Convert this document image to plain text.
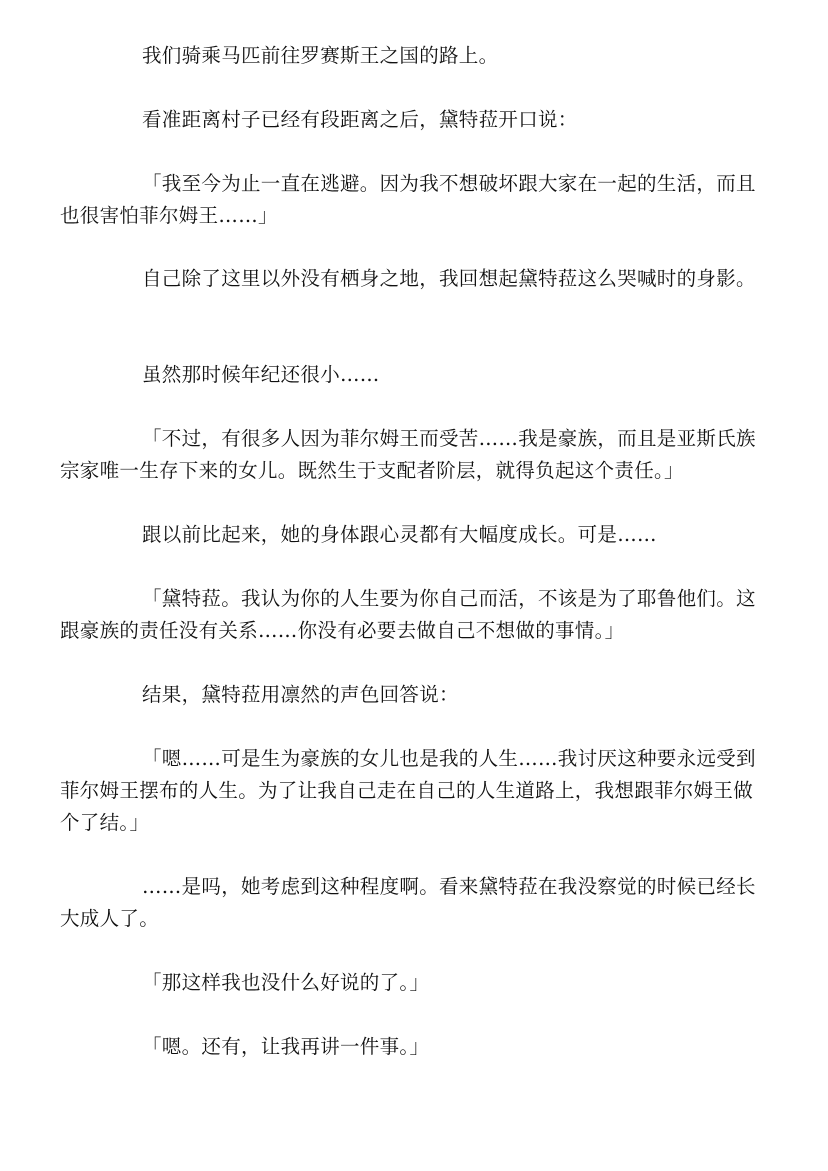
我们骑乘马匹前往罗赛斯王之国的路上。

看准距离村子已经有段距离之后，黛特菈开口说：

「我至今为止一直在逃避。因为我不想破坏跟大家在一起的生活，而且也很害怕菲尔姆王……」

自己除了这里以外没有栖身之地，我回想起黛特菈这么哭喊时的身影。

虽然那时候年纪还很小……

「不过，有很多人因为菲尔姆王而受苦……我是豪族，而且是亚斯氏族宗家唯一生存下来的女儿。既然生于支配者阶层，就得负起这个责任。」

跟以前比起来，她的身体跟心灵都有大幅度成长。可是……

「黛特菈。我认为你的人生要为你自己而活，不该是为了耶鲁他们。这跟豪族的责任没有关系……你没有必要去做自己不想做的事情。」

结果，黛特菈用凛然的声色回答说：

「嗯……可是生为豪族的女儿也是我的人生……我讨厌这种要永远受到菲尔姆王摆布的人生。为了让我自己走在自己的人生道路上，我想跟菲尔姆王做个了结。」

……是吗，她考虑到这种程度啊。看来黛特菈在我没察觉的时候已经长大成人了。

「那这样我也没什么好说的了。」

「嗯。还有，让我再讲一件事。」
